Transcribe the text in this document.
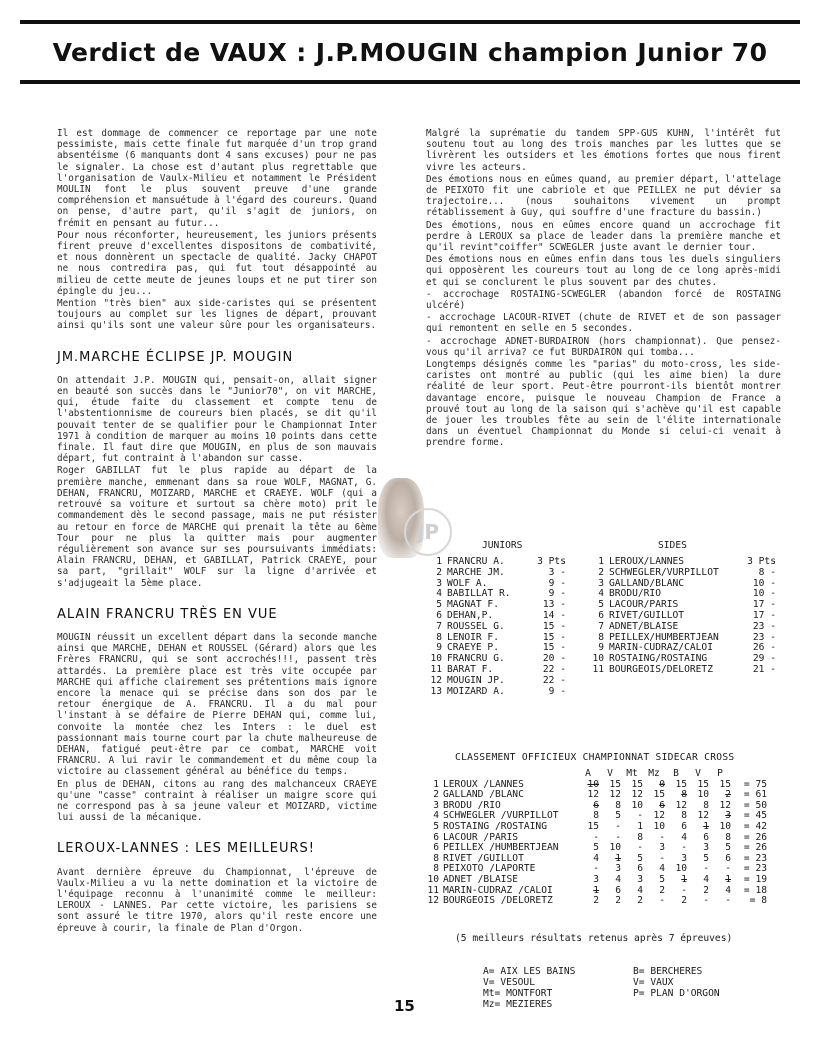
Verdict de VAUX : J.P.MOUGIN champion Junior 70

Il est dommage de commencer ce reportage par une note pessimiste, mais cette finale fut marquée d'un trop grand absentéisme (6 manquants dont 4 sans excuses) pour ne pas le signaler. La chose est d'autant plus regrettable que l'organisation de Vaulx-Milieu et notamment le Président MOULIN font le plus souvent preuve d'une grande compréhension et mansuétude à l'égard des coureurs. Quand on pense, d'autre part, qu'il s'agit de juniors, on frémit en pensant au futur...

Pour nous réconforter, heureusement, les juniors présents firent preuve d'excellentes dispositons de combativité, et nous donnèrent un spectacle de qualité. Jacky CHAPOT ne nous contredira pas, qui fut tout désappointé au milieu de cette meute de jeunes loups et ne put tirer son épingle du jeu...

Mention "très bien" aux side-caristes qui se présentent toujours au complet sur les lignes de départ, prouvant ainsi qu'ils sont une valeur sûre pour les organisateurs.

JM.MARCHE ÉCLIPSE JP. MOUGIN

On attendait J.P. MOUGIN qui, pensait-on, allait signer en beauté son succès dans le "Junior70", on vit MARCHE, qui, étude faite du classement et compte tenu de l'abstentionnisme de coureurs bien placés, se dit qu'il pouvait tenter de se qualifier pour le Championnat Inter 1971 à condition de marquer au moins 10 points dans cette finale. Il faut dire que MOUGIN, en plus de son mauvais départ, fut contraint à l'abandon sur casse.

Roger GABILLAT fut le plus rapide au départ de la première manche, emmenant dans sa roue WOLF, MAGNAT, G. DEHAN, FRANCRU, MOIZARD, MARCHE et CRAEYE. WOLF (qui a retrouvé sa voiture et surtout sa chère moto) prit le commandement dès le second passage, mais ne put résister au retour en force de MARCHE qui prenait la tête au 6ème Tour pour ne plus la quitter mais pour augmenter régulièrement son avance sur ses poursuivants immédiats: Alain FRANCRU, DEHAN, et GABILLAT, Patrick CRAEYE, pour sa part, "grillait" WOLF sur la ligne d'arrivée et s'adjugeait la 5ème place.

ALAIN FRANCRU TRÈS EN VUE

MOUGIN réussit un excellent départ dans la seconde manche ainsi que MARCHE, DEHAN et ROUSSEL (Gérard) alors que les Frères FRANCRU, qui se sont accrochés!!!, passent très attardés. La première place est très vite occupée par MARCHE qui affiche clairement ses prétentions mais ignore encore la menace qui se précise dans son dos par le retour énergique de A. FRANCRU. Il a du mal pour l'instant à se défaire de Pierre DEHAN qui, comme lui, convoite la montée chez les Inters : le duel est passionnant mais tourne court par la chute malheureuse de DEHAN, fatigué peut-être par ce combat, MARCHE voit FRANCRU. A lui ravir le commandement et du même coup la victoire au classement général au bénéfice du temps.

En plus de DEHAN, citons au rang des malchanceux CRAEYE qu'une "casse" contraint à réaliser un maigre score qui ne correspond pas à sa jeune valeur et MOIZARD, victime lui aussi de la mécanique.

LEROUX-LANNES : LES MEILLEURS!

Avant dernière épreuve du Championnat, l'épreuve de Vaulx-Milieu a vu la nette domination et la victoire de l'équipage reconnu à l'unanimité comme le meilleur: LEROUX - LANNES. Par cette victoire, les parisiens se sont assuré le titre 1970, alors qu'il reste encore une épreuve à courir, la finale de Plan d'Orgon.

Malgré la suprématie du tandem SPP-GUS KUHN, l'intérêt fut soutenu tout au long des trois manches par les luttes que se livrèrent les outsiders et les émotions fortes que nous firent vivre les acteurs.

Des émotions nous en eûmes quand, au premier départ, l'attelage de PEIXOTO fit une cabriole et que PEILLEX ne put dévier sa trajectoire... (nous souhaitons vivement un prompt rétablissement à Guy, qui souffre d'une fracture du bassin.)

Des émotions, nous en eûmes encore quand un accrochage fit perdre à LEROUX sa place de leader dans la première manche et qu'il revint"coiffer" SCWEGLER juste avant le dernier tour.

Des émotions nous en eûmes enfin dans tous les duels singuliers qui opposèrent les coureurs tout au long de ce long après-midi et qui se conclurent le plus souvent par des chutes.

- accrochage ROSTAING-SCWEGLER (abandon forcé de ROSTAING ulcéré)

- accrochage LACOUR-RIVET (chute de RIVET et de son passager qui remontent en selle en 5 secondes.

- accrochage ADNET-BURDAIRON (hors championnat). Que pensez-vous qu'il arriva? ce fut BURDAIRON qui tomba...

Longtemps désignés comme les "parias" du moto-cross, les side-caristes ont montré au public (qui les aime bien) la dure réalité de leur sport. Peut-être pourront-ils bientôt montrer davantage encore, puisque le nouveau Champion de France a prouvé tout au long de la saison qui s'achève qu'il est capable de jouer les troubles fête au sein de l'élite internationale dans un éventuel Championnat du Monde si celui-ci venait à prendre forme.

JP
JUNIORS	SIDES
1 FRANCRU A.	3 Pts	1 LEROUX/LANNES	3 Pts
2 MARCHE JM.	3 -	2 SCHWEGLER/VURPILLOT	8 -
3 WOLF A.	9 -	3 GALLAND/BLANC	10 -
4 BABILLAT R.	9 -	4 BRODU/RIO	10 -
5 MAGNAT F.	13 -	5 LACOUR/PARIS	17 -
6 DEHAN,P.	14 -	6 RIVET/GUILLOT	17 -
7 ROUSSEL G.	15 -	7 ADNET/BLAISE	23 -
8 LENOIR F.	15 -	8 PEILLEX/HUMBERTJEAN	23 -
9 CRAEYE P.	15 -	9 MARIN-CUDRAZ/CALOI	26 -
10 FRANCRU G.	20 -	10 ROSTAING/ROSTAING	29 -
11 BARAT F.	22 -	11 BOURGEOIS/DELORETZ	21 -
12 MOUGIN JP.	22 -
13 MOIZARD A.	9 -
CLASSEMENT OFFICIEUX CHAMPIONNAT SIDECAR CROSS
A	V	Mt	Mz	B	V	P
1 LEROUX /LANNES	10	15	15	0	15	15	15	= 75
2 GALLAND /BLANC	12	12	12	15	8	10	2	= 61
3 BRODU /RIO	6	8	10	6	12	8	12	= 50
4 SCHWEGLER /VURPILLOT	8	5	-	12	8	12	3	= 45
5 ROSTAING /ROSTAING	15	-	1	10	6	1	10	= 42
6 LACOUR /PARIS	-	-	8	-	4	6	8	= 26
6 PEILLEX /HUMBERTJEAN	5	10	-	3	-	3	5	= 26
8 RIVET /GUILLOT	4	1	5	-	3	5	6	= 23
8 PEIXOTO /LAPORTE	-	3	6	4	10	-	-	= 23
10 ADNET /BLAISE	3	4	3	5	1	4	1	= 19
11 MARIN-CUDRAZ /CALOI	1	6	4	2	-	2	4	= 18
12 BOURGEOIS /DELORETZ	2	2	2	-	2	-	-	= 8

(5 meilleurs résultats retenus après 7 épreuves)

A= AIX LES BAINS	B= BERCHERES
V= VESOUL	V= VAUX
Mt= MONTFORT	P= PLAN D'ORGON
Mz= MEZIERES

15
